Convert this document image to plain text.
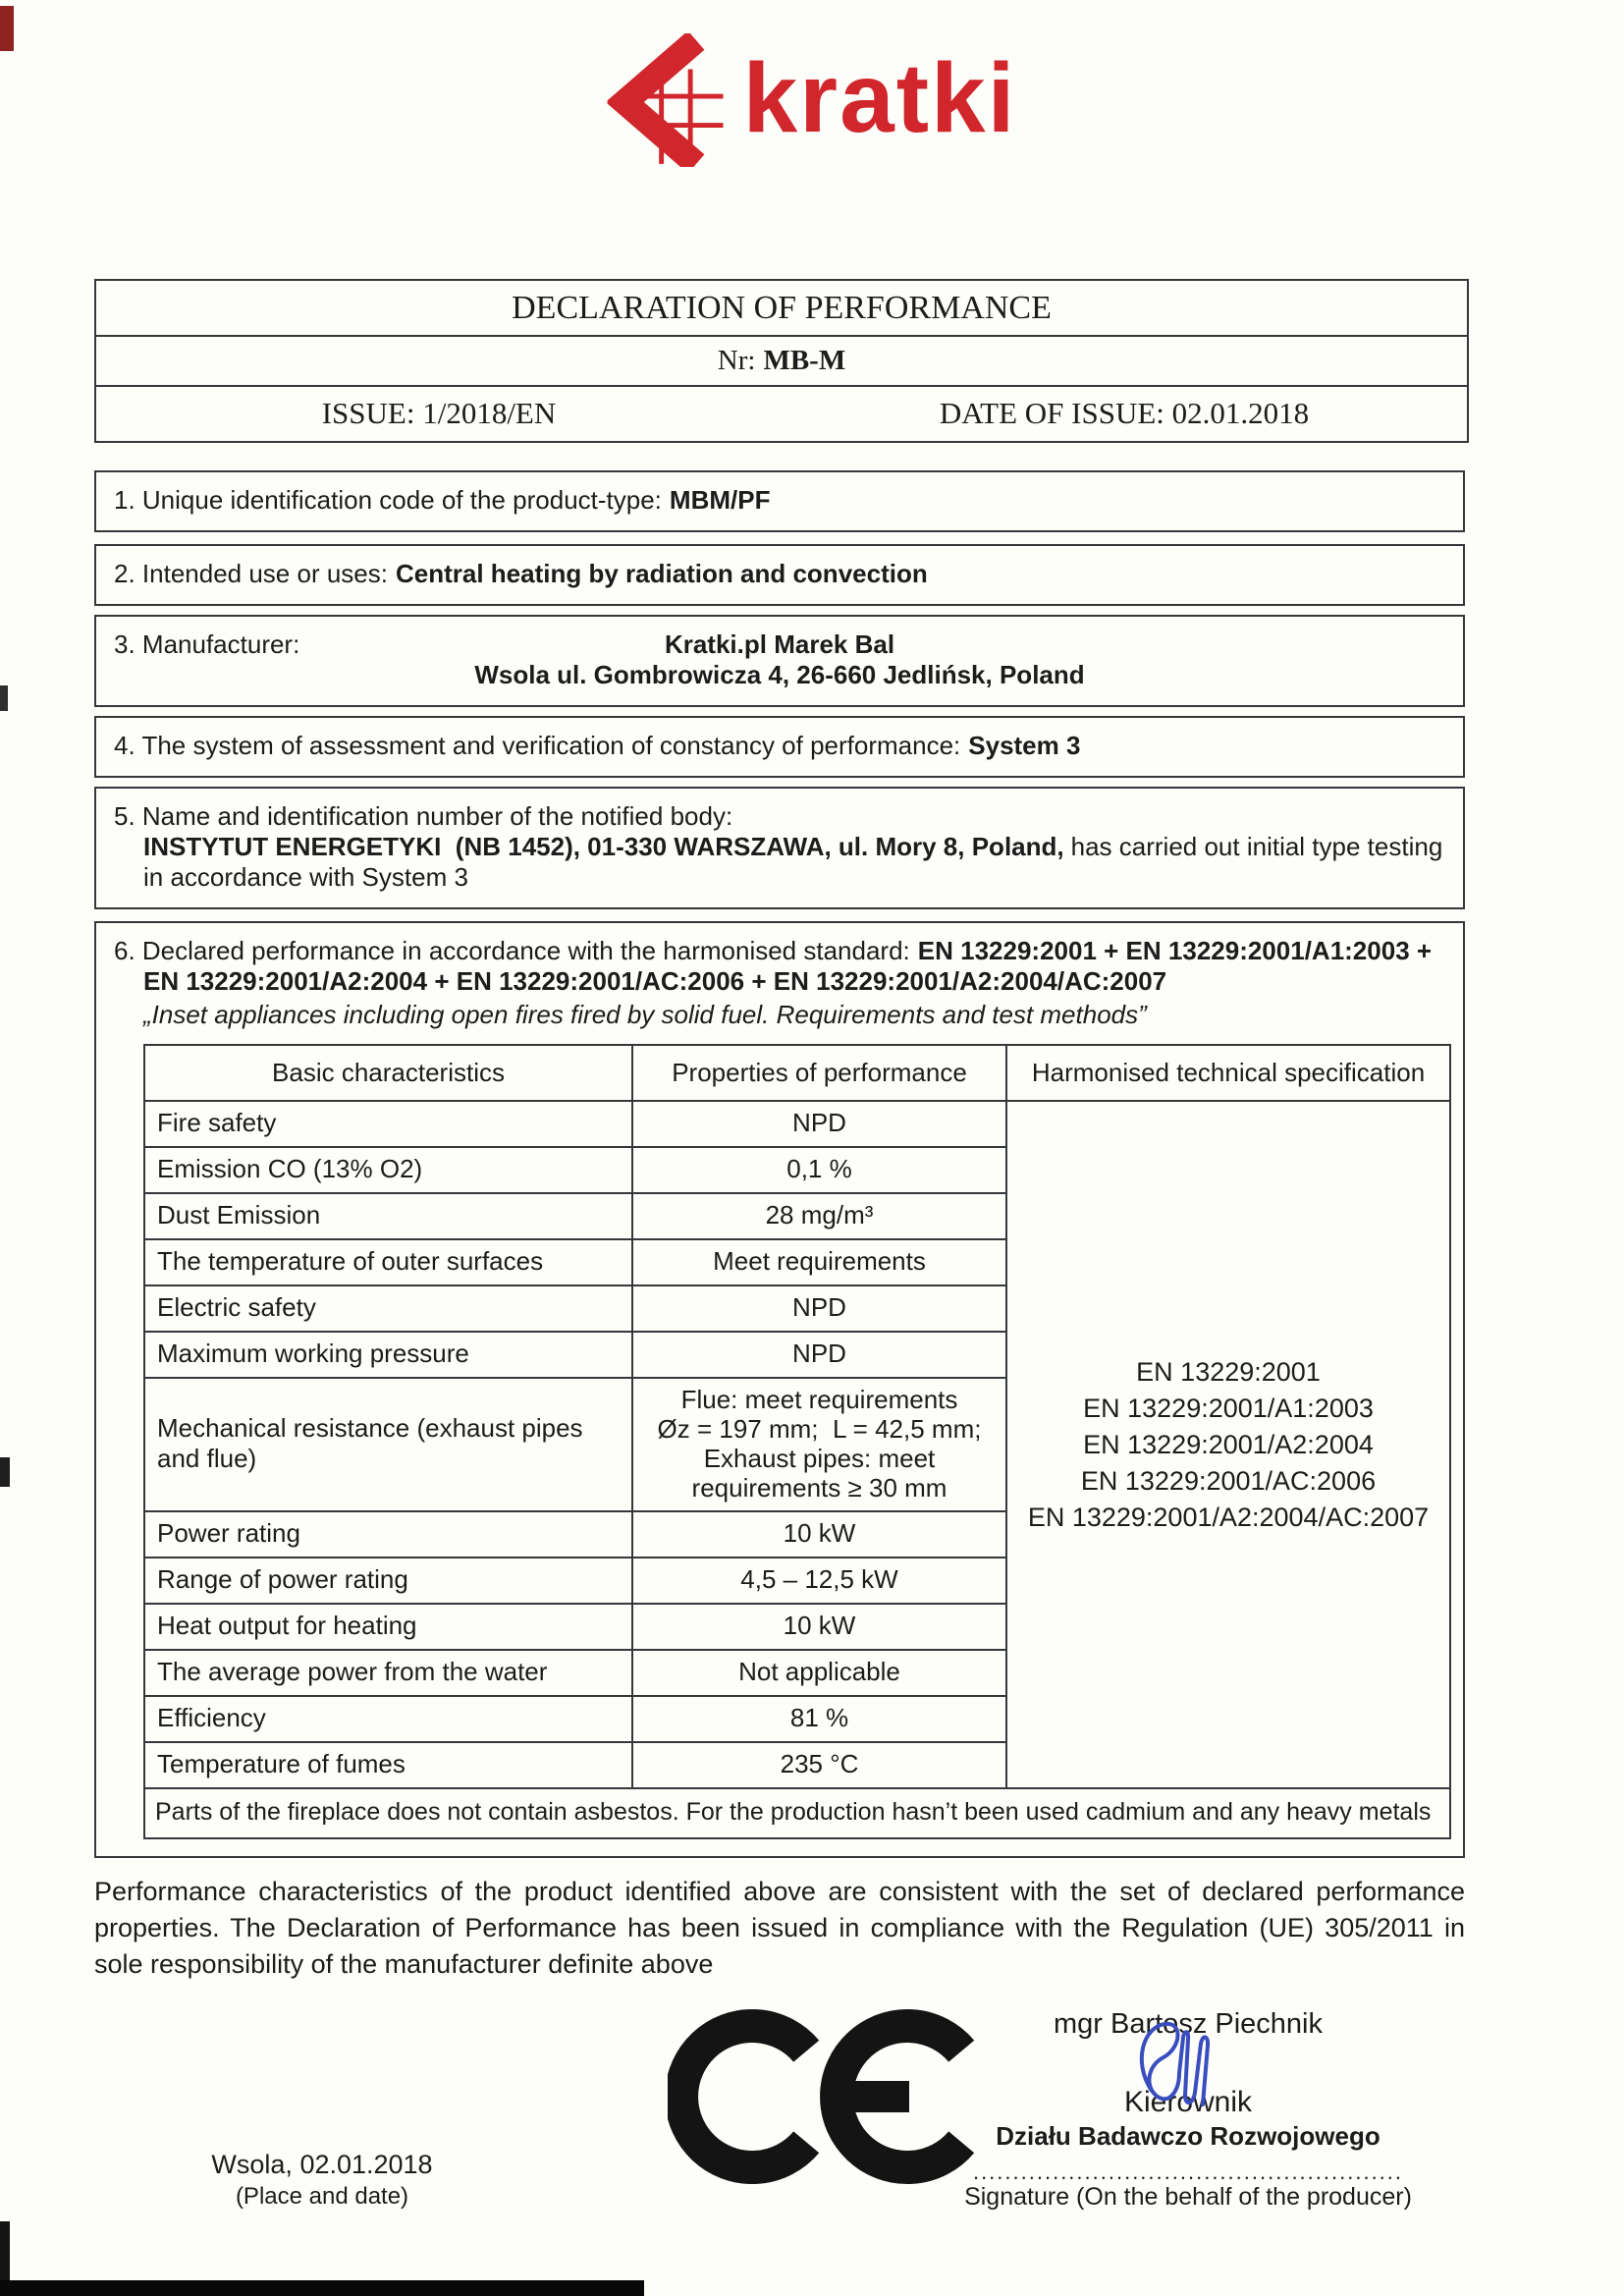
kratki
DECLARATION OF PERFORMANCE
Nr: MB-M
ISSUE: 1/2018/EN	DATE OF ISSUE: 02.01.2018
1. Unique identification code of the product-type: MBM/PF
2. Intended use or uses: Central heating by radiation and convection
3. Manufacturer:	Kratki.pl Marek Bal
Wsola ul. Gombrowicza 4, 26-660 Jedlińsk, Poland
4. The system of assessment and verification of constancy of performance: System 3
5. Name and identification number of the notified body:
INSTYTUT ENERGETYKI  (NB 1452), 01-330 WARSZAWA, ul. Mory 8, Poland, has carried out initial type testing in accordance with System 3
6. Declared performance in accordance with the harmonised standard: EN 13229:2001 + EN 13229:2001/A1:2003 + EN 13229:2001/A2:2004 + EN 13229:2001/AC:2006 + EN 13229:2001/A2:2004/AC:2007
„Inset appliances including open fires fired by solid fuel. Requirements and test methods”
Basic characteristics	Properties of performance	Harmonised technical specification
Fire safety	NPD	EN 13229:2001
EN 13229:2001/A1:2003
EN 13229:2001/A2:2004
EN 13229:2001/AC:2006
EN 13229:2001/A2:2004/AC:2007

Emission CO (13% O2)	0,1 %	
Dust Emission	28 mg/m³	
The temperature of outer surfaces	Meet requirements	
Electric safety	NPD	
Maximum working pressure	NPD	
Mechanical resistance (exhaust pipes and flue)	Flue: meet requirements
Øz = 197 mm;  L = 42,5 mm;
Exhaust pipes: meet
requirements ≥ 30 mm	

Power rating	10 kW	
Range of power rating	4,5 – 12,5 kW	
Heat output for heating	10 kW	
The average power from the water	Not applicable	
Efficiency	81 %	
Temperature of fumes	235 °C	
Parts of the fireplace does not contain asbestos. For the production hasn’t been used cadmium and any heavy metals		

Performance characteristics of the product identified above are consistent with the set of declared performance properties. The Declaration of Performance has been issued in compliance with the Regulation (UE) 305/2011 in sole responsibility of the manufacturer definite above

Wsola, 02.01.2018
(Place and date)
mgr Bartosz Piechnik
Kierownik
Działu Badawczo Rozwojowego
......................................................
Signature (On the behalf of the producer)
